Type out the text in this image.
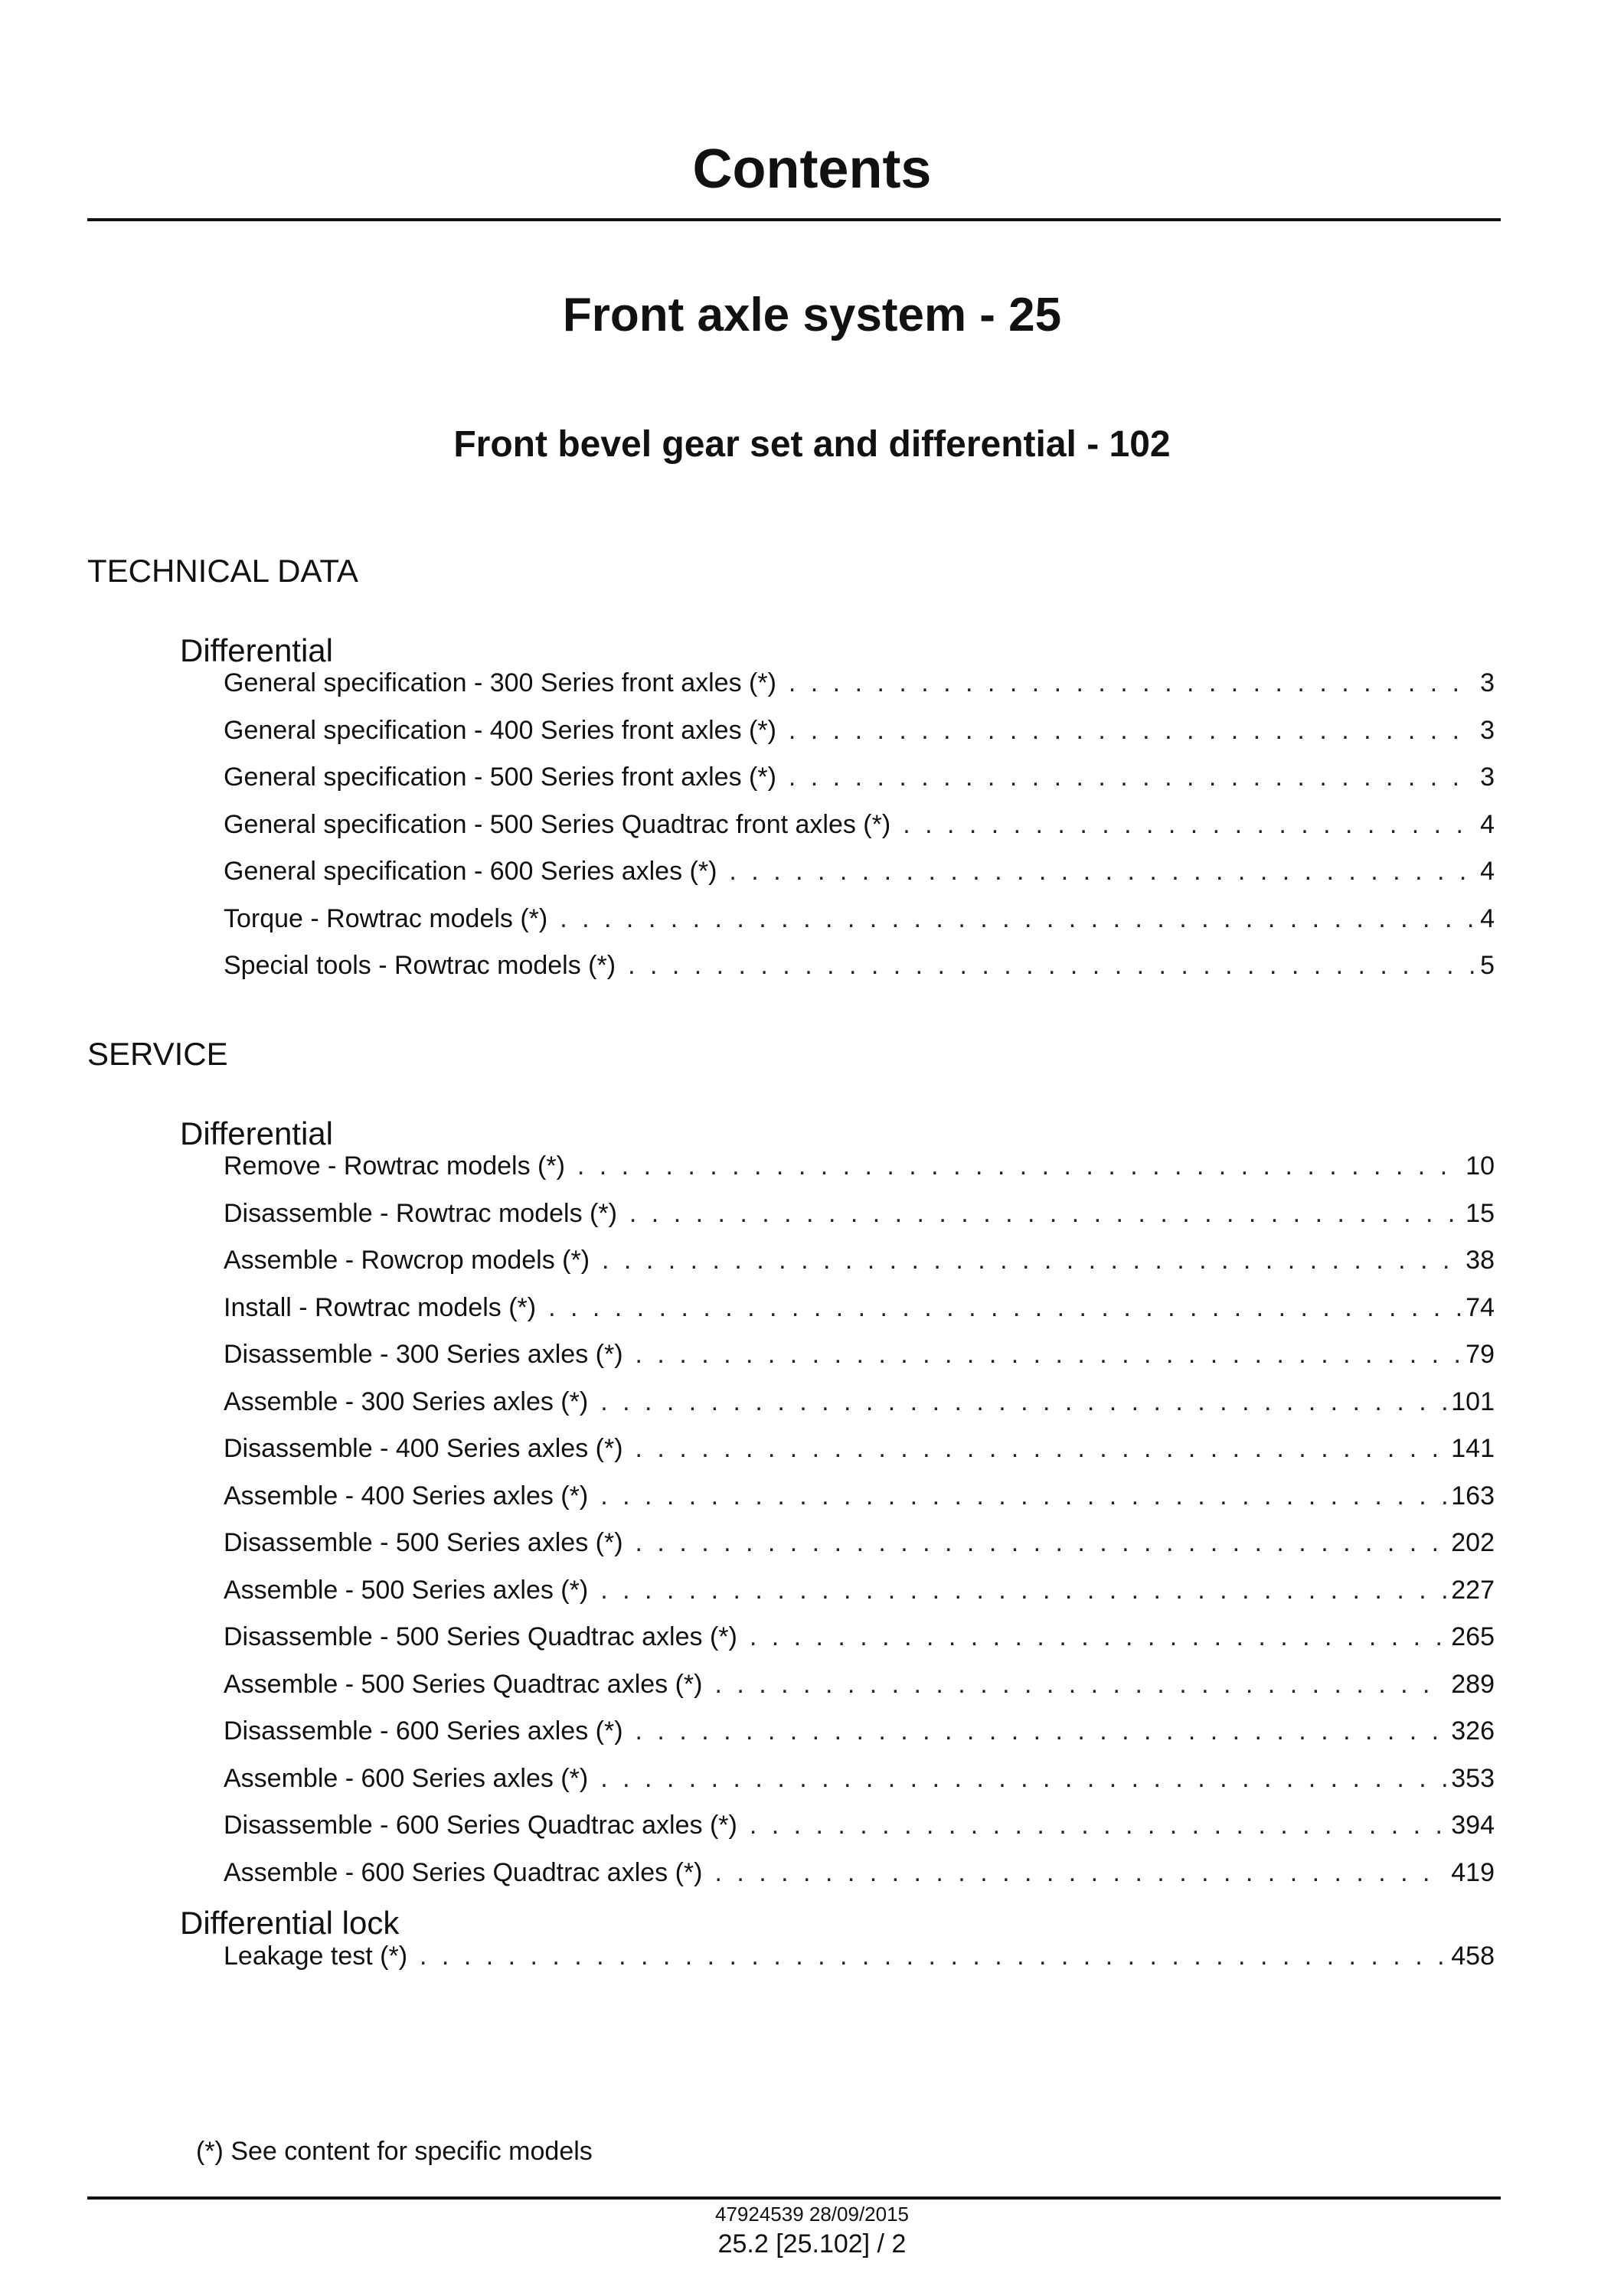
Contents
Front axle system - 25
Front bevel gear set and differential - 102
TECHNICAL DATA
Differential
General specification - 300 Series front axles (*) . . .	3
General specification - 400 Series front axles (*) . . .	3
General specification - 500 Series front axles (*) . . .	3
General specification - 500 Series Quadtrac front axles (*) . . .	4
General specification - 600 Series axles (*) . . .	4
Torque - Rowtrac models (*) . . .	4
Special tools - Rowtrac models (*) . . .	5
SERVICE
Differential
Remove - Rowtrac models (*) . . .	10
Disassemble - Rowtrac models (*) . . .	15
Assemble - Rowcrop models (*) . . .	38
Install - Rowtrac models (*) . . .	74
Disassemble - 300 Series axles (*) . . .	79
Assemble - 300 Series axles (*) . . .	101
Disassemble - 400 Series axles (*) . . .	141
Assemble - 400 Series axles (*) . . .	163
Disassemble - 500 Series axles (*) . . .	202
Assemble - 500 Series axles (*) . . .	227
Disassemble - 500 Series Quadtrac axles (*) . . .	265
Assemble - 500 Series Quadtrac axles (*) . . .	289
Disassemble - 600 Series axles (*) . . .	326
Assemble - 600 Series axles (*) . . .	353
Disassemble - 600 Series Quadtrac axles (*) . . .	394
Assemble - 600 Series Quadtrac axles (*) . . .	419
Differential lock
Leakage test (*) . . .	458
(*) See content for specific models
47924539 28/09/2015
25.2 [25.102] / 2
